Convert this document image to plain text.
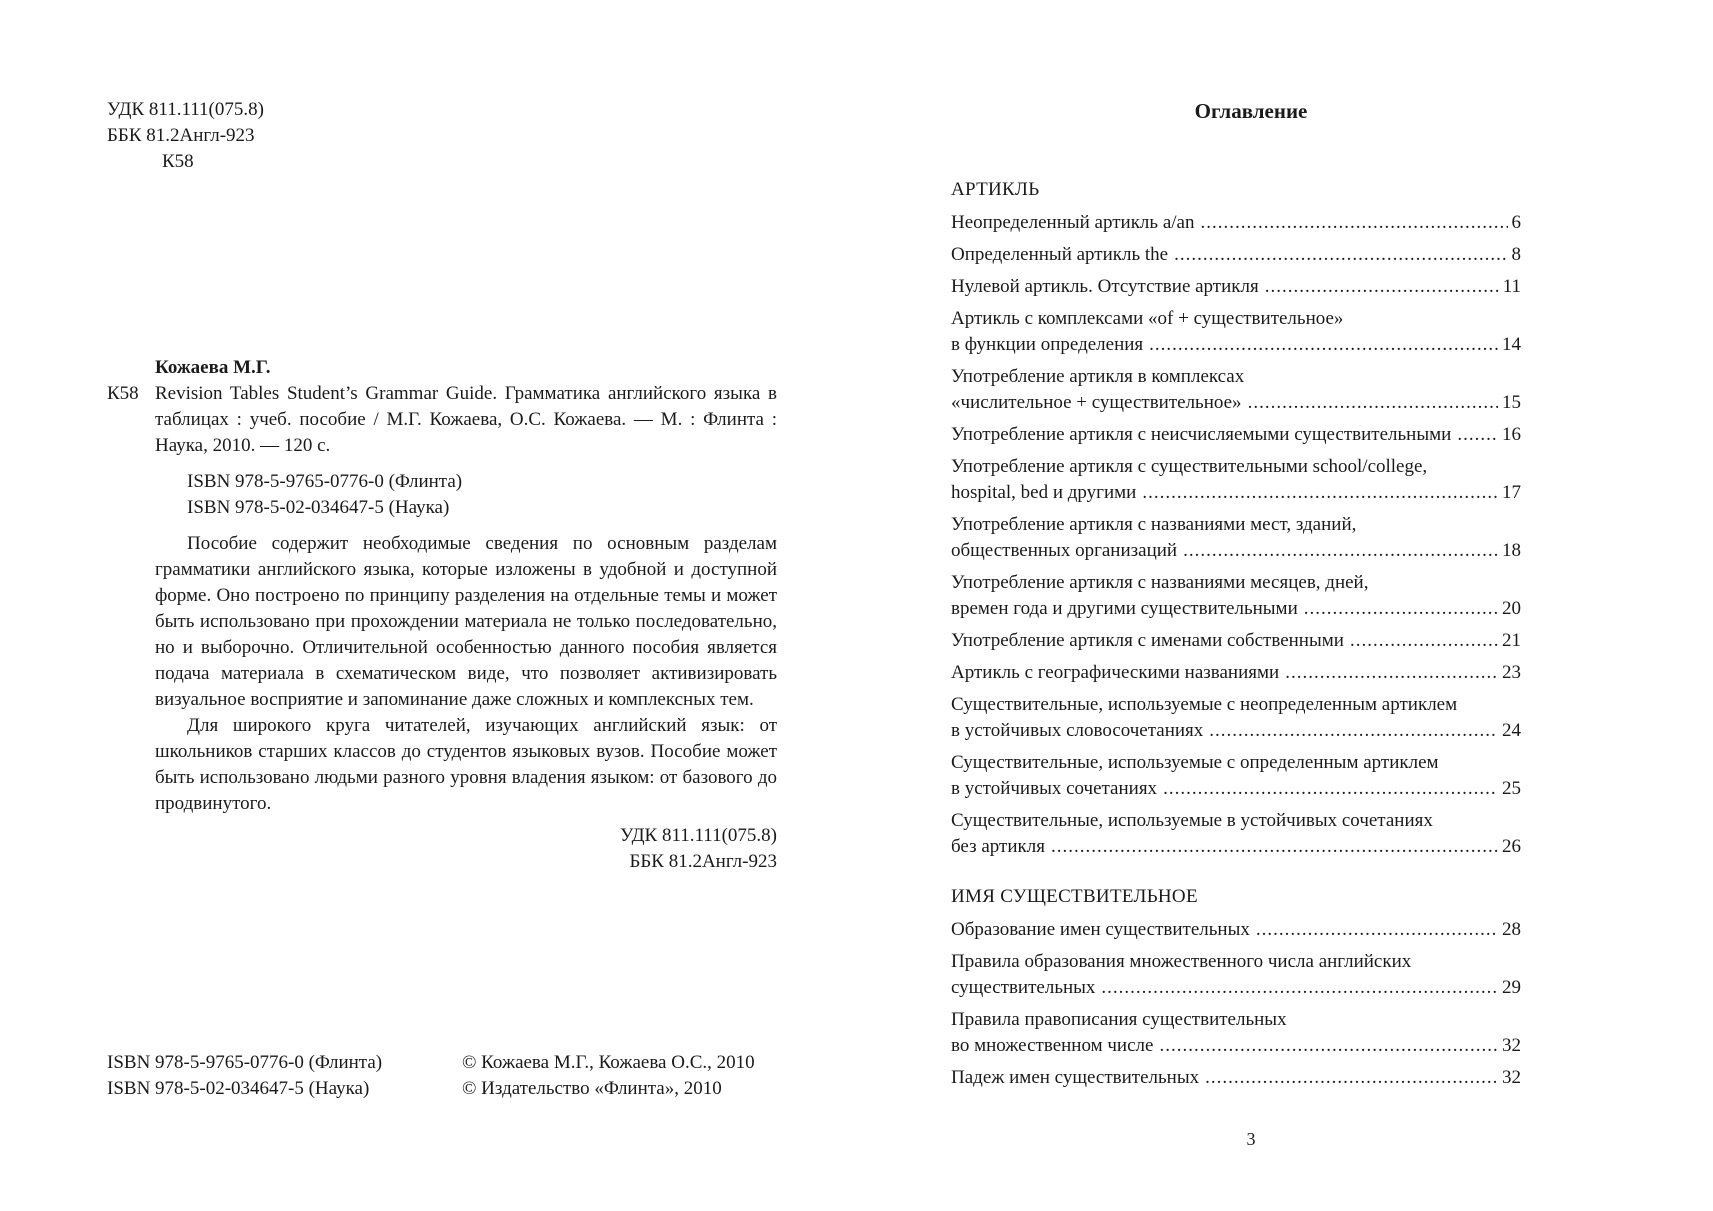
УДК 811.111(075.8)
ББК 81.2Англ-923
К58
Кожаева М.Г.
К58 Revision Tables Student’s Grammar Guide. Грамматика английского языка в таблицах : учеб. пособие / М.Г. Кожаева, О.С. Кожаева. — М. : Флинта : Наука, 2010. — 120 с.
ISBN 978-5-9765-0776-0 (Флинта)
ISBN 978-5-02-034647-5 (Наука)

Пособие содержит необходимые сведения по основным разделам грамматики английского языка, которые изложены в удобной и доступной форме. Оно построено по принципу разделения на отдельные темы и может быть использовано при прохождении материала не только последовательно, но и выборочно. Отличительной особенностью данного пособия является подача материала в схематическом виде, что позволяет активизировать визуальное восприятие и запоминание даже сложных и комплексных тем.

Для широкого круга читателей, изучающих английский язык: от школьников старших классов до студентов языковых вузов. Пособие может быть использовано людьми разного уровня владения языком: от базового до продвинутого.

УДК 811.111(075.8)
ББК 81.2Англ-923
ISBN 978-5-9765-0776-0 (Флинта)	© Кожаева М.Г., Кожаева О.С., 2010
ISBN 978-5-02-034647-5 (Наука)	© Издательство «Флинта», 2010
Оглавление
АРТИКЛЬ
Неопределенный артикль a/an .....	6
Определенный артикль the .....	8
Нулевой артикль. Отсутствие артикля .....	11
Артикль с комплексами «of + существительное»
в функции определения .....	14
Употребление артикля в комплексах
«числительное + существительное» .....	15
Употребление артикля с неисчисляемыми существительными .....	16
Употребление артикля с существительными school/college,
hospital, bed и другими .....	17
Употребление артикля с названиями мест, зданий,
общественных организаций .....	18
Употребление артикля с названиями месяцев, дней,
времен года и другими существительными .....	20
Употребление артикля с именами собственными .....	21
Артикль с географическими названиями .....	23
Существительные, используемые с неопределенным артиклем
в устойчивых словосочетаниях .....	24
Существительные, используемые с определенным артиклем
в устойчивых сочетаниях .....	25
Существительные, используемые в устойчивых сочетаниях
без артикля .....	26
ИМЯ СУЩЕСТВИТЕЛЬНОЕ
Образование имен существительных .....	28
Правила образования множественного числа английских
существительных .....	29
Правила правописания существительных
во множественном числе .....	32
Падеж имен существительных .....	32
3
